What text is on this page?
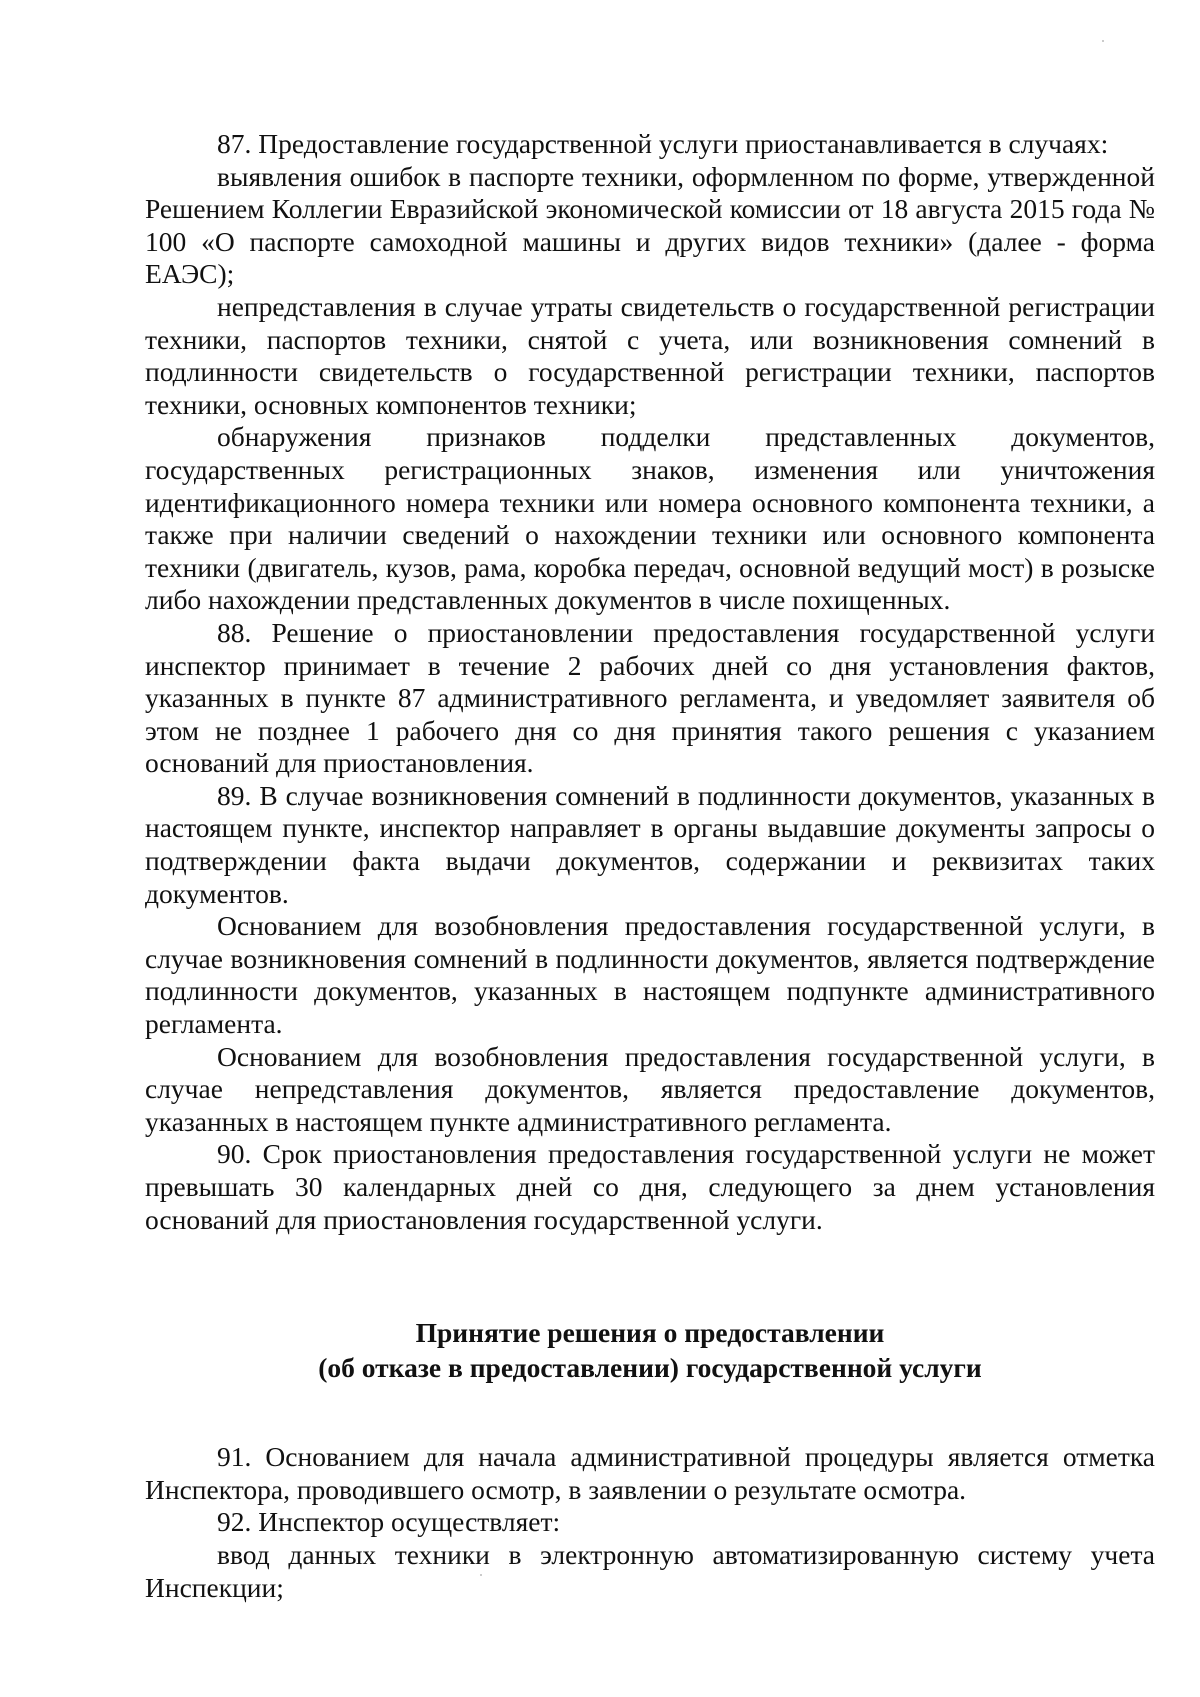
87. Предоставление государственной услуги приостанавливается в случаях:

выявления ошибок в паспорте техники, оформленном по форме, утвержденной Решением Коллегии Евразийской экономической комиссии от 18 августа 2015 года № 100 «О паспорте самоходной машины и других видов техники» (далее - форма ЕАЭС);

непредставления в случае утраты свидетельств о государственной регистрации техники, паспортов техники, снятой с учета, или возникновения сомнений в подлинности свидетельств о государственной регистрации техники, паспортов техники, основных компонентов техники;

обнаружения признаков подделки представленных документов, государственных регистрационных знаков, изменения или уничтожения идентификационного номера техники или номера основного компонента техники, а также при наличии сведений о нахождении техники или основного компонента техники (двигатель, кузов, рама, коробка передач, основной ведущий мост) в розыске либо нахождении представленных документов в числе похищенных.

88. Решение о приостановлении предоставления государственной услуги инспектор принимает в течение 2 рабочих дней со дня установления фактов, указанных в пункте 87 административного регламента, и уведомляет заявителя об этом не позднее 1 рабочего дня со дня принятия такого решения с указанием оснований для приостановления.

89. В случае возникновения сомнений в подлинности документов, указанных в настоящем пункте, инспектор направляет в органы выдавшие документы запросы о подтверждении факта выдачи документов, содержании и реквизитах таких документов.

Основанием для возобновления предоставления государственной услуги, в случае возникновения сомнений в подлинности документов, является подтверждение подлинности документов, указанных в настоящем подпункте административного регламента.

Основанием для возобновления предоставления государственной услуги, в случае непредставления документов, является предоставление документов, указанных в настоящем пункте административного регламента.

90. Срок приостановления предоставления государственной услуги не может превышать 30 календарных дней со дня, следующего за днем установления оснований для приостановления государственной услуги.

Принятие решения о предоставлении
(об отказе в предоставлении) государственной услуги

91. Основанием для начала административной процедуры является отметка Инспектора, проводившего осмотр, в заявлении о результате осмотра.

92. Инспектор осуществляет:

ввод данных техники в электронную автоматизированную систему учета Инспекции;
